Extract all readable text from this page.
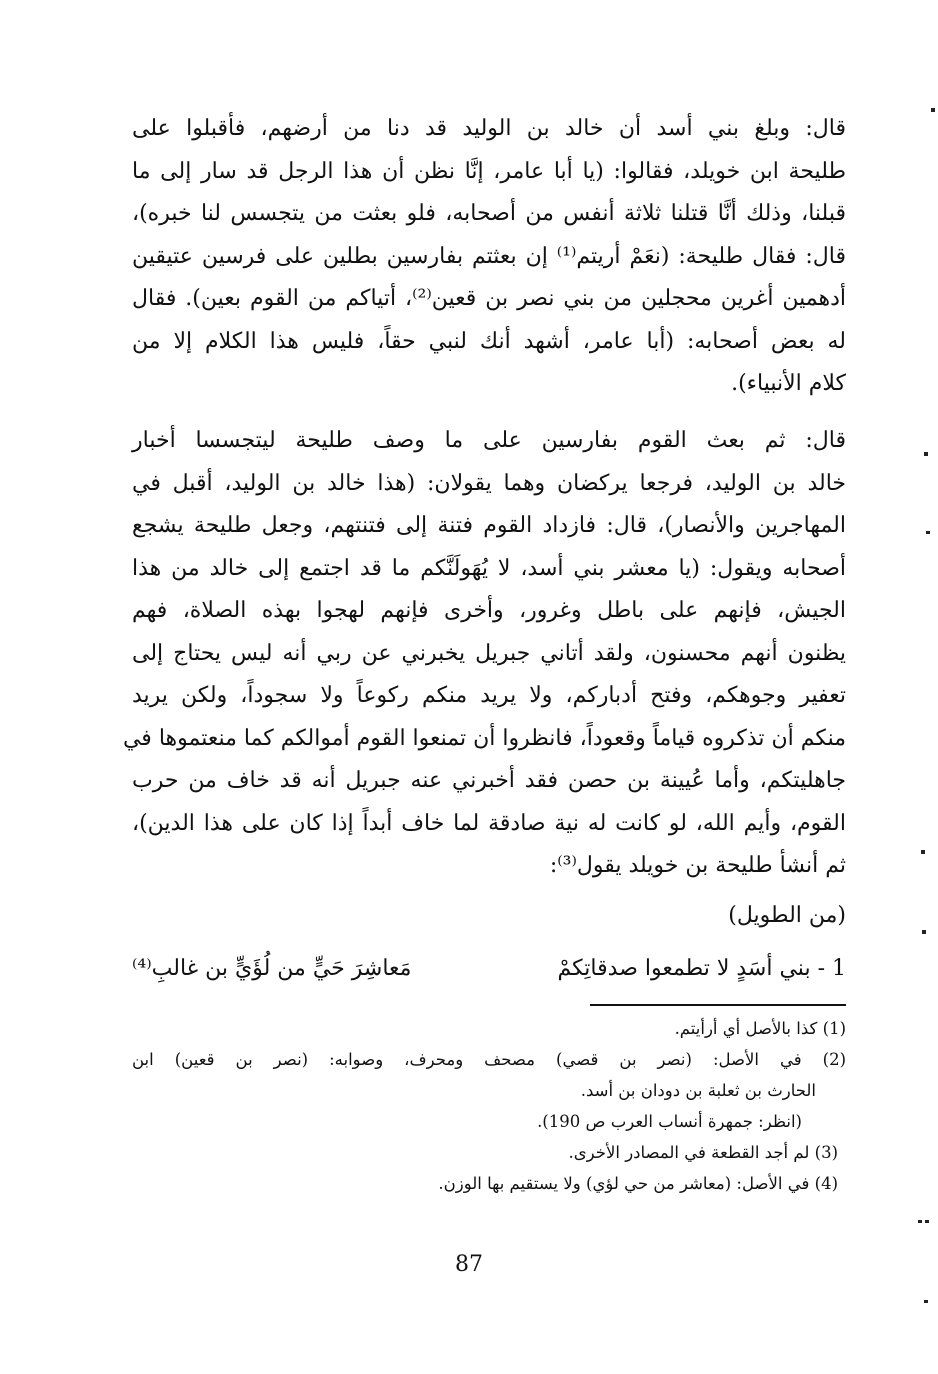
قال: وبلغ بني أسد أن خالد بن الوليد قد دنا من أرضهم، فأقبلوا على
طليحة ابن خويلد، فقالوا: (يا أبا عامر، إنَّا نظن أن هذا الرجل قد سار إلى ما
قبلنا، وذلك أنَّا قتلنا ثلاثة أنفس من أصحابه، فلو بعثت من يتجسس لنا خبره)،
قال: فقال طليحة: (نعَمْ أريتم⁽¹⁾ إن بعثتم بفارسين بطلين على فرسين عتيقين
أدهمين أغرين محجلين من بني نصر بن قعين⁽²⁾، أتياكم من القوم بعين). فقال
له بعض أصحابه: (أبا عامر، أشهد أنك لنبي حقاً، فليس هذا الكلام إلا من
كلام الأنبياء).
قال: ثم بعث القوم بفارسين على ما وصف طليحة ليتجسسا أخبار
خالد بن الوليد، فرجعا يركضان وهما يقولان: (هذا خالد بن الوليد، أقبل في
المهاجرين والأنصار)، قال: فازداد القوم فتنة إلى فتنتهم، وجعل طليحة يشجع
أصحابه ويقول: (يا معشر بني أسد، لا يُهَولَنَّكم ما قد اجتمع إلى خالد من هذا
الجيش، فإنهم على باطل وغرور، وأخرى فإنهم لهجوا بهذه الصلاة، فهم
يظنون أنهم محسنون، ولقد أتاني جبريل يخبرني عن ربي أنه ليس يحتاج إلى
تعفير وجوهكم، وفتح أدباركم، ولا يريد منكم ركوعاً ولا سجوداً، ولكن يريد
منكم أن تذكروه قياماً وقعوداً، فانظروا أن تمنعوا القوم أموالكم كما منعتموها في
جاهليتكم، وأما عُيينة بن حصن فقد أخبرني عنه جبريل أنه قد خاف من حرب
القوم، وأيم الله، لو كانت له نية صادقة لما خاف أبداً إذا كان على هذا الدين)،
ثم أنشأ طليحة بن خويلد يقول⁽³⁾:
(من الطويل)
1 - بني أسَدٍ لا تطمعوا صدقاتِكمْ
مَعاشِرَ حَيٍّ من لُؤَيٍّ بن غالبِ⁽⁴⁾
(1) كذا بالأصل أي أرأيتم.
(2) في الأصل: (نصر بن قصي) مصحف ومحرف، وصوابه: (نصر بن قعين) ابن
الحارث بن ثعلبة بن دودان بن أسد.
(انظر: جمهرة أنساب العرب ص 190).
(3) لم أجد القطعة في المصادر الأخرى.
(4) في الأصل: (معاشر من حي لؤي) ولا يستقيم بها الوزن.
87
